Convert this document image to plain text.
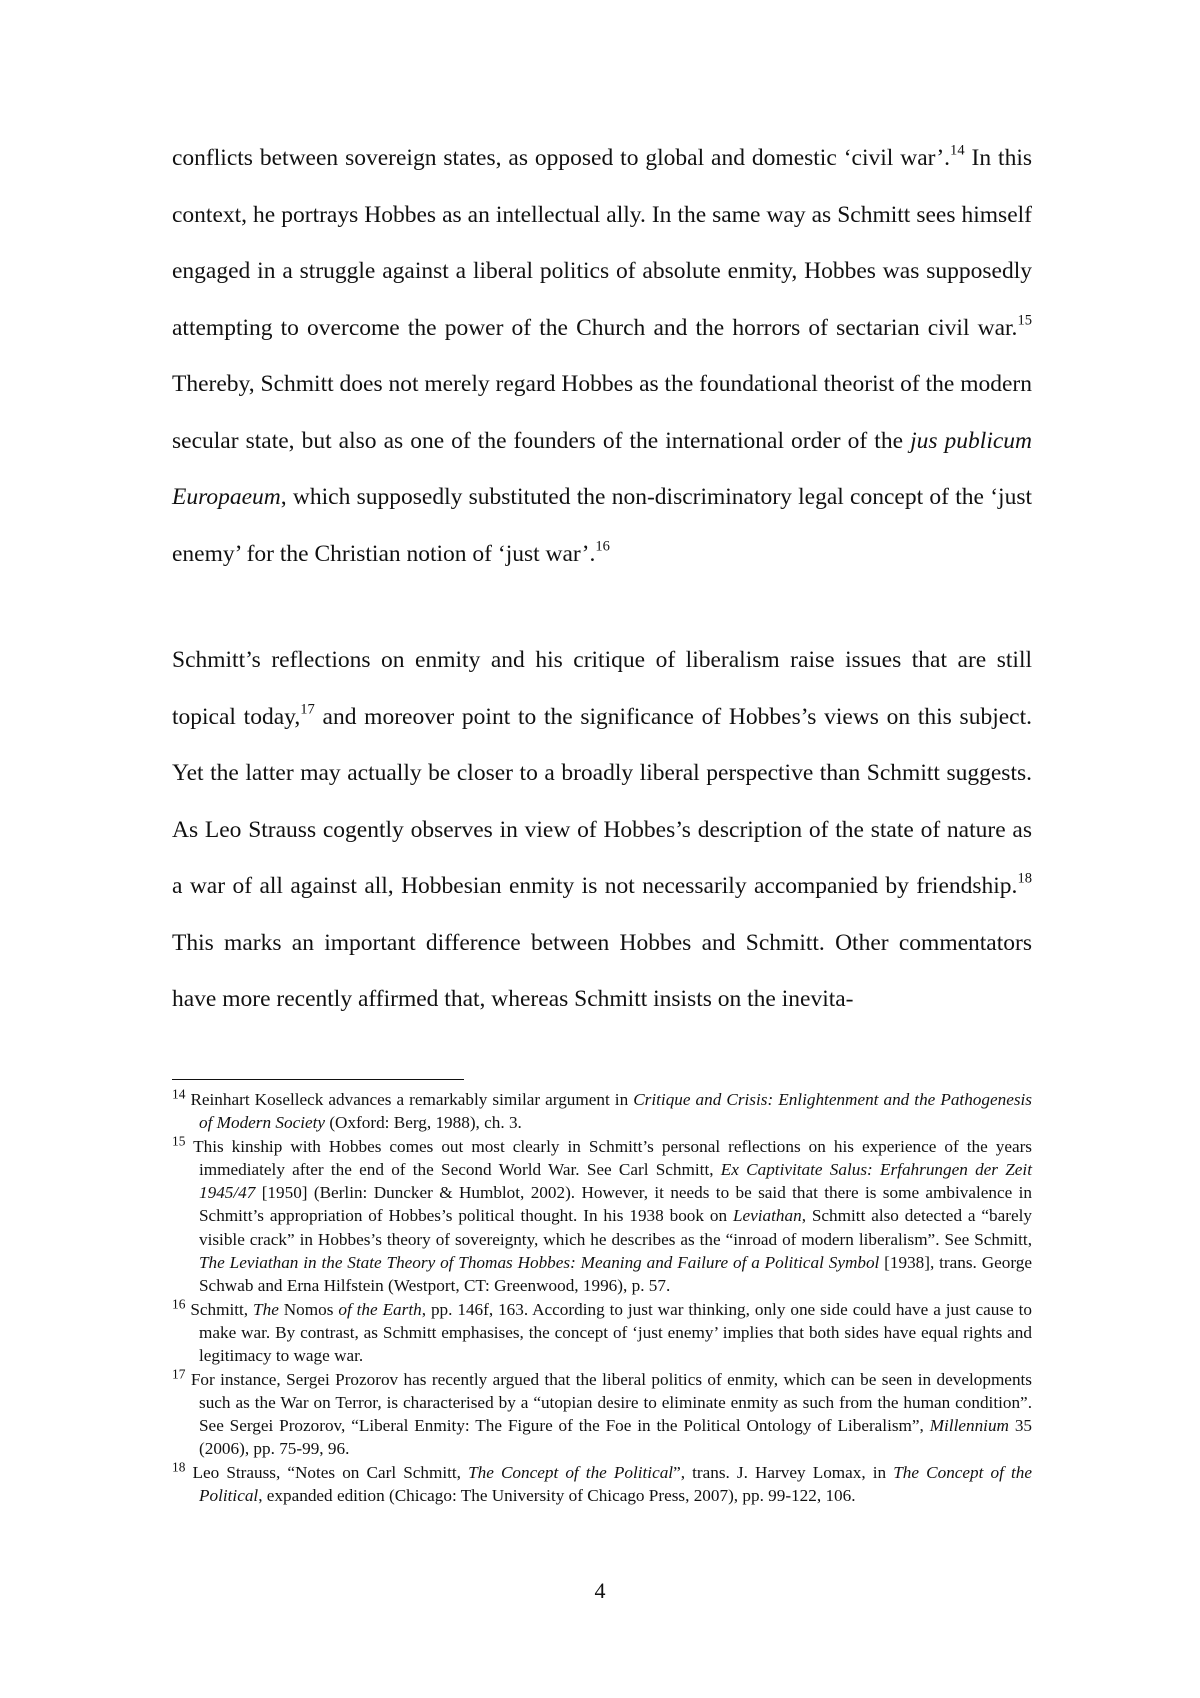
conflicts between sovereign states, as opposed to global and domestic ‘civil war’.$^{14}$ In this context, he portrays Hobbes as an intellectual ally. In the same way as Schmitt sees himself engaged in a struggle against a liberal politics of absolute enmity, Hobbes was supposedly attempting to overcome the power of the Church and the horrors of sectarian civil war.$^{15}$ Thereby, Schmitt does not merely regard Hobbes as the foundational theorist of the modern secular state, but also as one of the founders of the international order of the jus publicum Europaeum, which supposedly substituted the non-discriminatory legal concept of the ‘just enemy’ for the Christian notion of ‘just war’.$^{16}$

Schmitt’s reflections on enmity and his critique of liberalism raise issues that are still topical today,$^{17}$ and moreover point to the significance of Hobbes’s views on this subject. Yet the latter may actually be closer to a broadly liberal perspective than Schmitt suggests. As Leo Strauss cogently observes in view of Hobbes’s description of the state of nature as a war of all against all, Hobbesian enmity is not necessarily accompanied by friendship.$^{18}$ This marks an important difference between Hobbes and Schmitt. Other commentators have more recently affirmed that, whereas Schmitt insists on the inevita-

$^{14}$ Reinhart Koselleck advances a remarkably similar argument in Critique and Crisis: Enlightenment and the Pathogenesis of Modern Society (Oxford: Berg, 1988), ch. 3.

$^{15}$ This kinship with Hobbes comes out most clearly in Schmitt’s personal reflections on his experience of the years immediately after the end of the Second World War. See Carl Schmitt, Ex Captivitate Salus: Erfahrungen der Zeit 1945/47 [1950] (Berlin: Duncker & Humblot, 2002). However, it needs to be said that there is some ambivalence in Schmitt’s appropriation of Hobbes’s political thought. In his 1938 book on Leviathan, Schmitt also detected a “barely visible crack” in Hobbes’s theory of sovereignty, which he describes as the “inroad of modern liberalism”. See Schmitt, The Leviathan in the State Theory of Thomas Hobbes: Meaning and Failure of a Political Symbol [1938], trans. George Schwab and Erna Hilfstein (Westport, CT: Greenwood, 1996), p. 57.

$^{16}$ Schmitt, The Nomos of the Earth, pp. 146f, 163. According to just war thinking, only one side could have a just cause to make war. By contrast, as Schmitt emphasises, the concept of ‘just enemy’ implies that both sides have equal rights and legitimacy to wage war.

$^{17}$ For instance, Sergei Prozorov has recently argued that the liberal politics of enmity, which can be seen in developments such as the War on Terror, is characterised by a “utopian desire to eliminate enmity as such from the human condition”. See Sergei Prozorov, “Liberal Enmity: The Figure of the Foe in the Political Ontology of Liberalism”, Millennium 35 (2006), pp. 75-99, 96.

$^{18}$ Leo Strauss, “Notes on Carl Schmitt, The Concept of the Political”, trans. J. Harvey Lomax, in The Concept of the Political, expanded edition (Chicago: The University of Chicago Press, 2007), pp. 99-122, 106.

4
